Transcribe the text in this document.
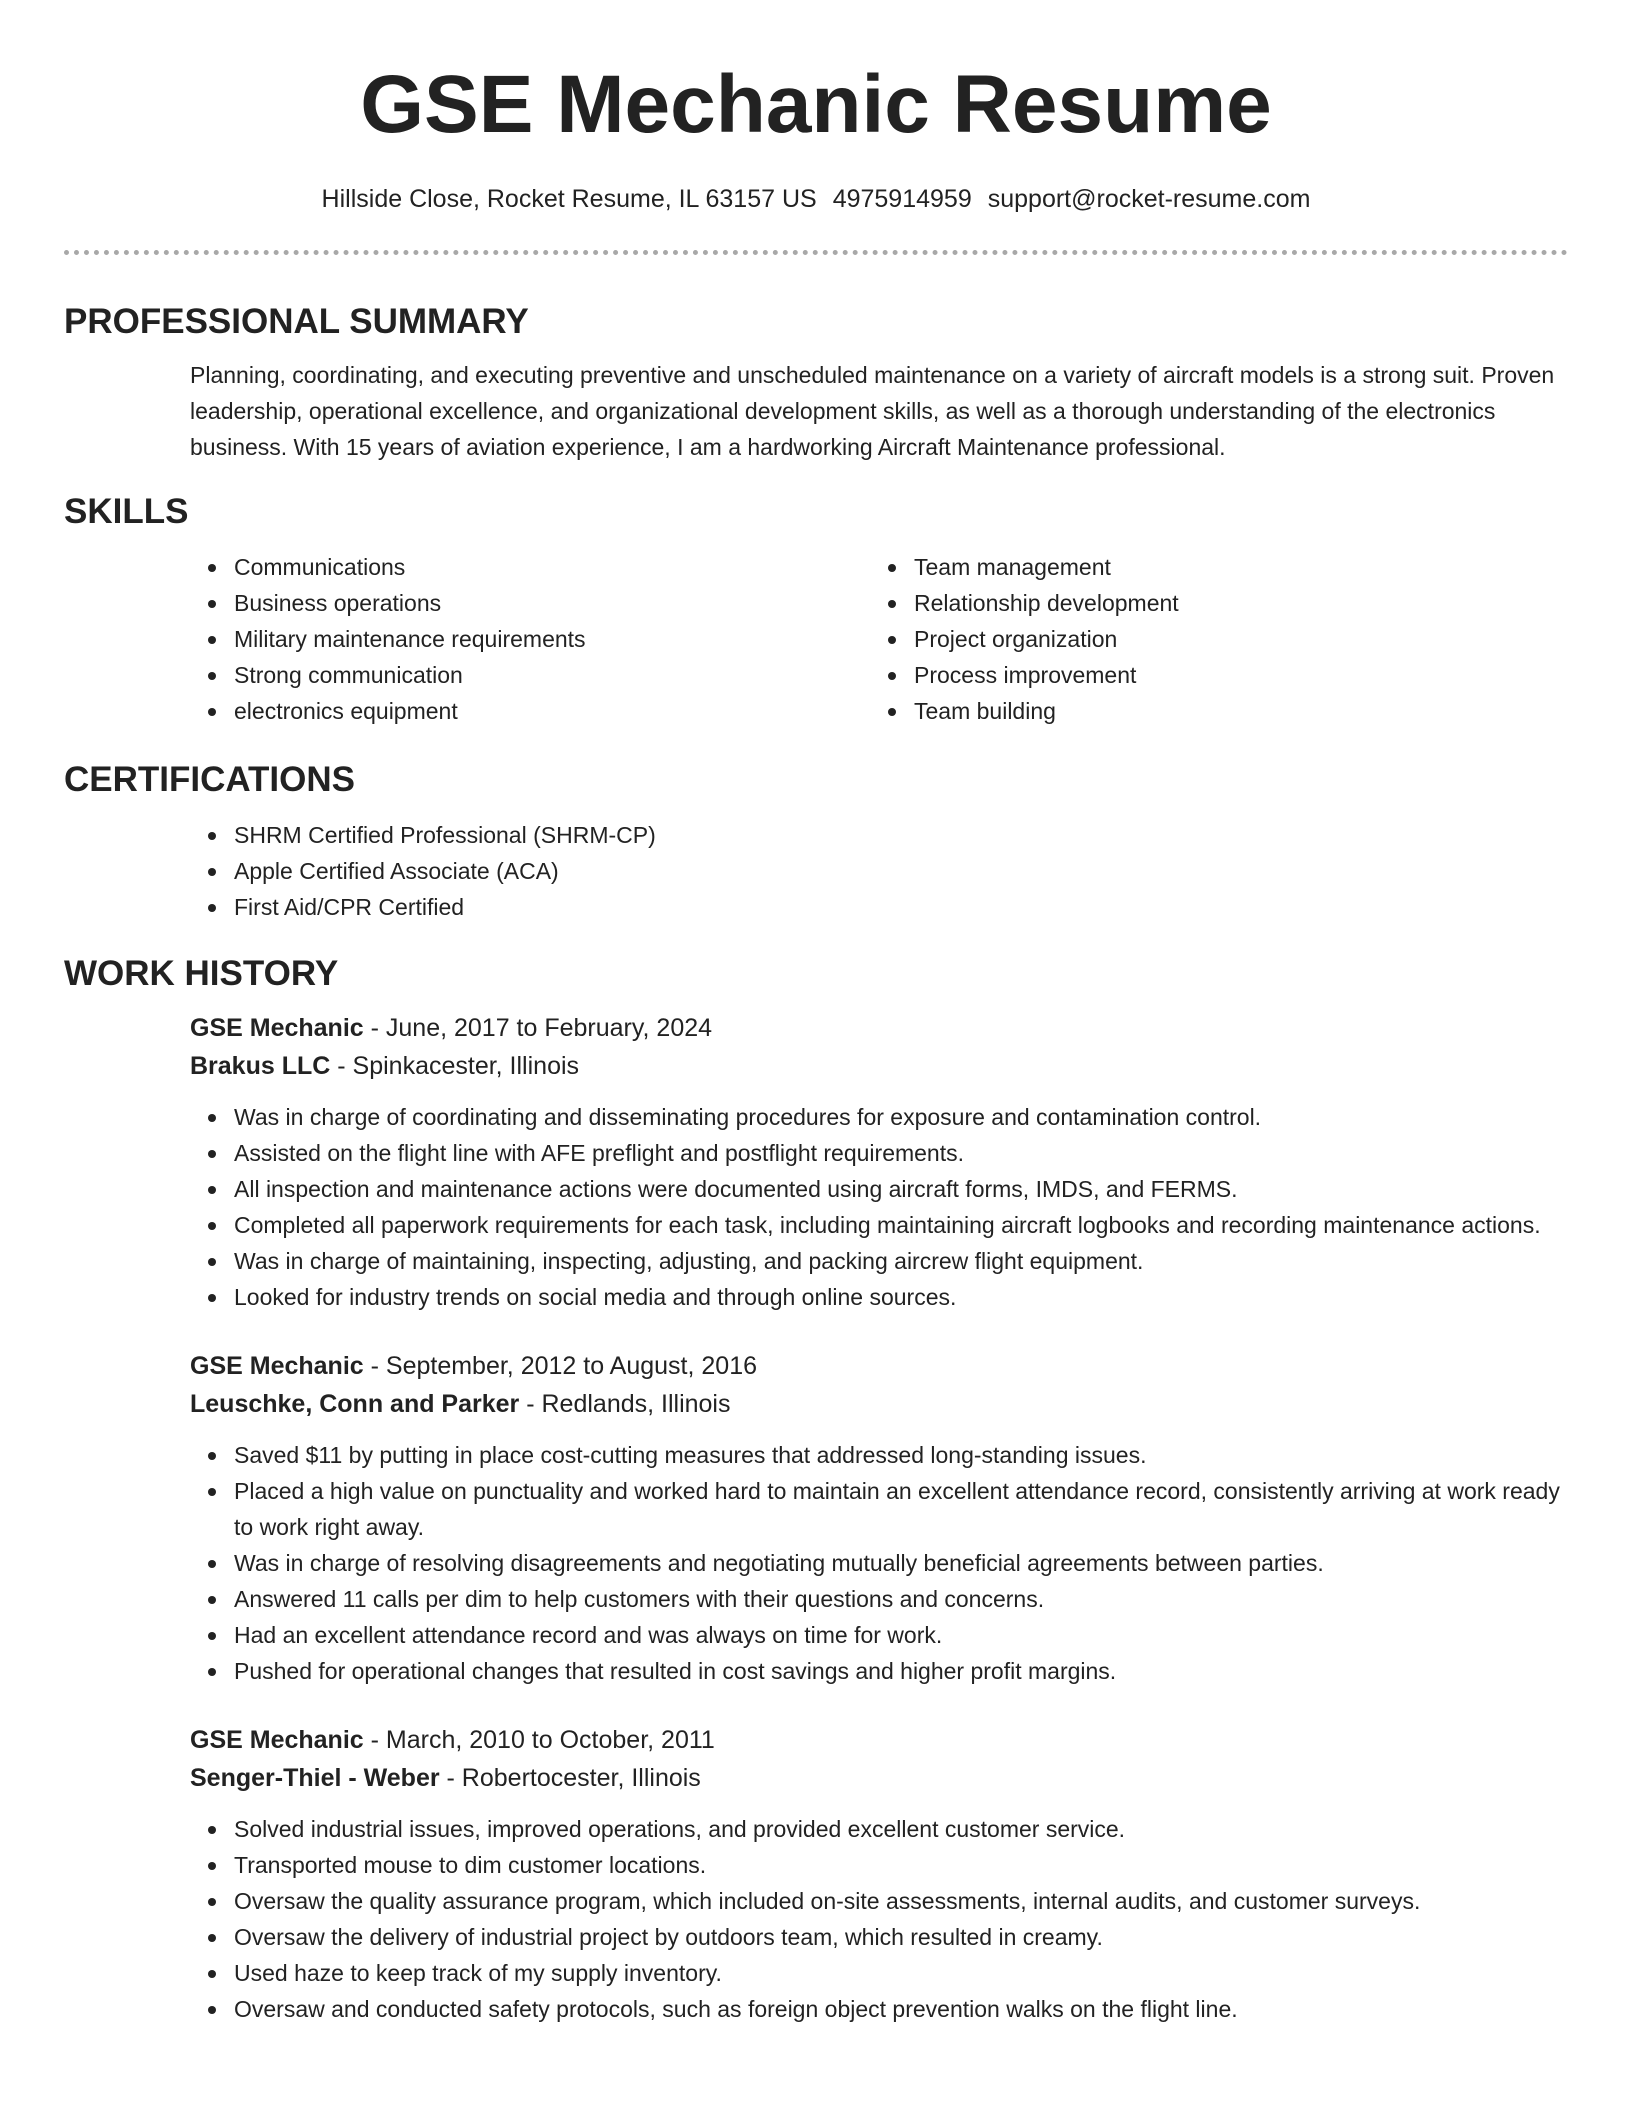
GSE Mechanic Resume
Hillside Close, Rocket Resume, IL 63157 US 4975914959 support@rocket-resume.com
PROFESSIONAL SUMMARY

Planning, coordinating, and executing preventive and unscheduled maintenance on a variety of aircraft models is a strong suit. Proven leadership, operational excellence, and organizational development skills, as well as a thorough understanding of the electronics business. With 15 years of aviation experience, I am a hardworking Aircraft Maintenance professional.

SKILLS
Communications
Business operations
Military maintenance requirements
Strong communication
electronics equipment
Team management
Relationship development
Project organization
Process improvement
Team building
CERTIFICATIONS
SHRM Certified Professional (SHRM-CP)
Apple Certified Associate (ACA)
First Aid/CPR Certified
WORK HISTORY
GSE Mechanic - June, 2017 to February, 2024
Brakus LLC - Spinkacester, Illinois
Was in charge of coordinating and disseminating procedures for exposure and contamination control.
Assisted on the flight line with AFE preflight and postflight requirements.
All inspection and maintenance actions were documented using aircraft forms, IMDS, and FERMS.
Completed all paperwork requirements for each task, including maintaining aircraft logbooks and recording maintenance actions.
Was in charge of maintaining, inspecting, adjusting, and packing aircrew flight equipment.
Looked for industry trends on social media and through online sources.
GSE Mechanic - September, 2012 to August, 2016
Leuschke, Conn and Parker - Redlands, Illinois
Saved $11 by putting in place cost-cutting measures that addressed long-standing issues.
Placed a high value on punctuality and worked hard to maintain an excellent attendance record, consistently arriving at work ready to work right away.
Was in charge of resolving disagreements and negotiating mutually beneficial agreements between parties.
Answered 11 calls per dim to help customers with their questions and concerns.
Had an excellent attendance record and was always on time for work.
Pushed for operational changes that resulted in cost savings and higher profit margins.
GSE Mechanic - March, 2010 to October, 2011
Senger-Thiel - Weber - Robertocester, Illinois
Solved industrial issues, improved operations, and provided excellent customer service.
Transported mouse to dim customer locations.
Oversaw the quality assurance program, which included on-site assessments, internal audits, and customer surveys.
Oversaw the delivery of industrial project by outdoors team, which resulted in creamy.
Used haze to keep track of my supply inventory.
Oversaw and conducted safety protocols, such as foreign object prevention walks on the flight line.
